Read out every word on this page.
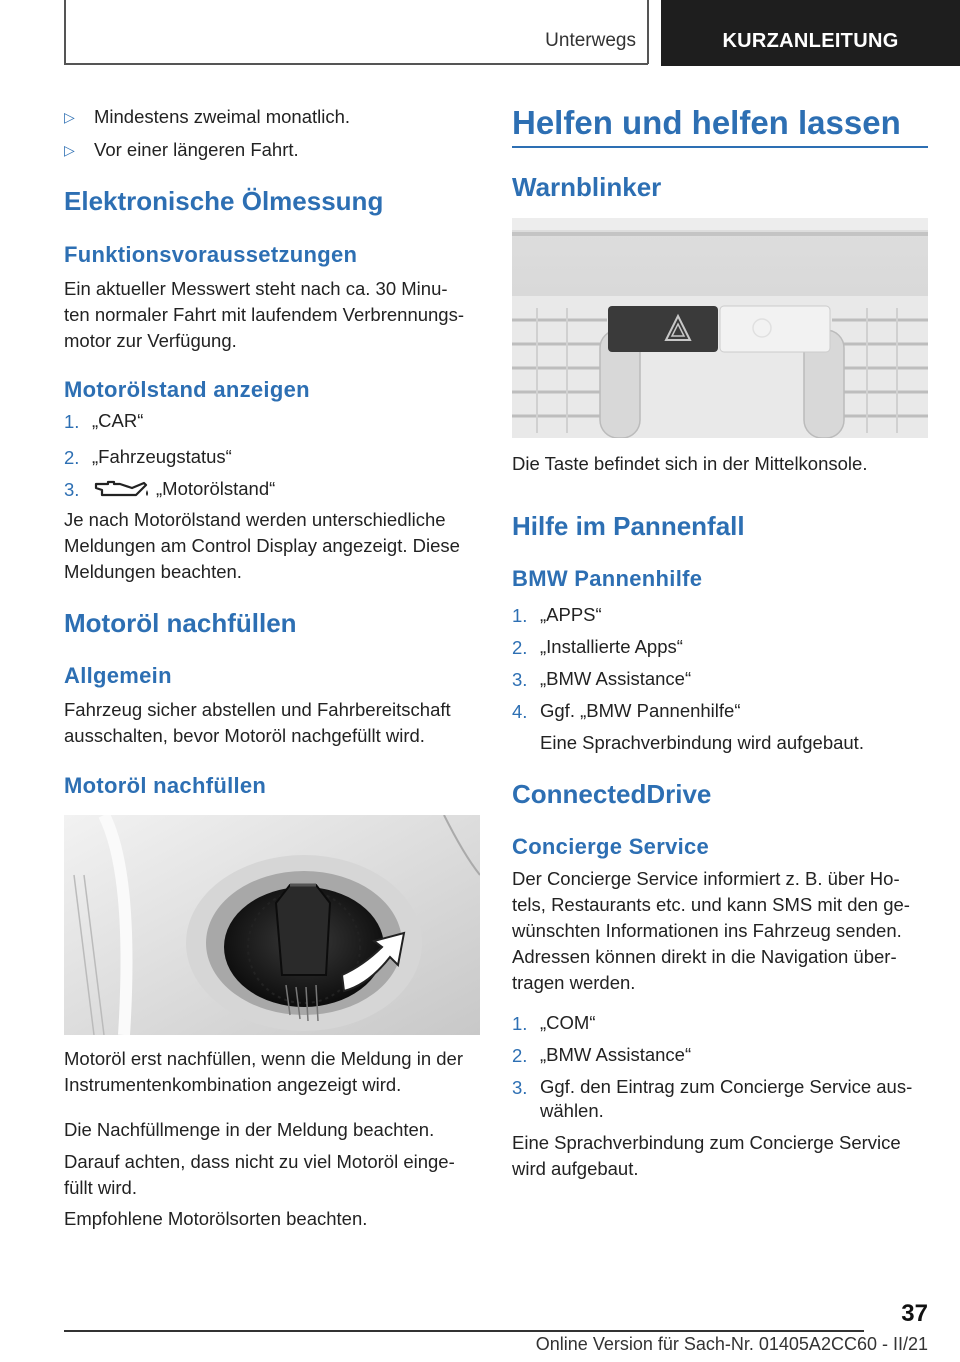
Unterwegs	KURZANLEITUNG
▷ Mindestens zweimal monatlich.
▷ Vor einer längeren Fahrt.
Elektronische Ölmessung
Funktionsvoraussetzungen
Ein aktueller Messwert steht nach ca. 30 Minu-
ten normaler Fahrt mit laufendem Verbrennungs-
motor zur Verfügung.
Motorölstand anzeigen
1. „CAR“
2. „Fahrzeugstatus“
3.	„Motorölstand“
Je nach Motorölstand werden unterschiedliche
Meldungen am Control Display angezeigt. Diese
Meldungen beachten.
Motoröl nachfüllen
Allgemein
Fahrzeug sicher abstellen und Fahrbereitschaft
ausschalten, bevor Motoröl nachgefüllt wird.
Motoröl nachfüllen
Motoröl erst nachfüllen, wenn die Meldung in der
Instrumentenkombination angezeigt wird.
Die Nachfüllmenge in der Meldung beachten.
Darauf achten, dass nicht zu viel Motoröl einge-
füllt wird.
Empfohlene Motorölsorten beachten.
Helfen und helfen lassen
Warnblinker
Die Taste befindet sich in der Mittelkonsole.
Hilfe im Pannenfall
BMW Pannenhilfe
1. „APPS“
2. „Installierte Apps“
3. „BMW Assistance“
4. Ggf. „BMW Pannenhilfe“
Eine Sprachverbindung wird aufgebaut.
ConnectedDrive
Concierge Service
Der Concierge Service informiert z. B. über Ho-
tels, Restaurants etc. und kann SMS mit den ge-
wünschten Informationen ins Fahrzeug senden.
Adressen können direkt in die Navigation über-
tragen werden.
1. „COM“
2. „BMW Assistance“
3. Ggf. den Eintrag zum Concierge Service aus-
wählen.
Eine Sprachverbindung zum Concierge Service
wird aufgebaut.
37
Online Version für Sach-Nr. 01405A2CC60 - II/21
